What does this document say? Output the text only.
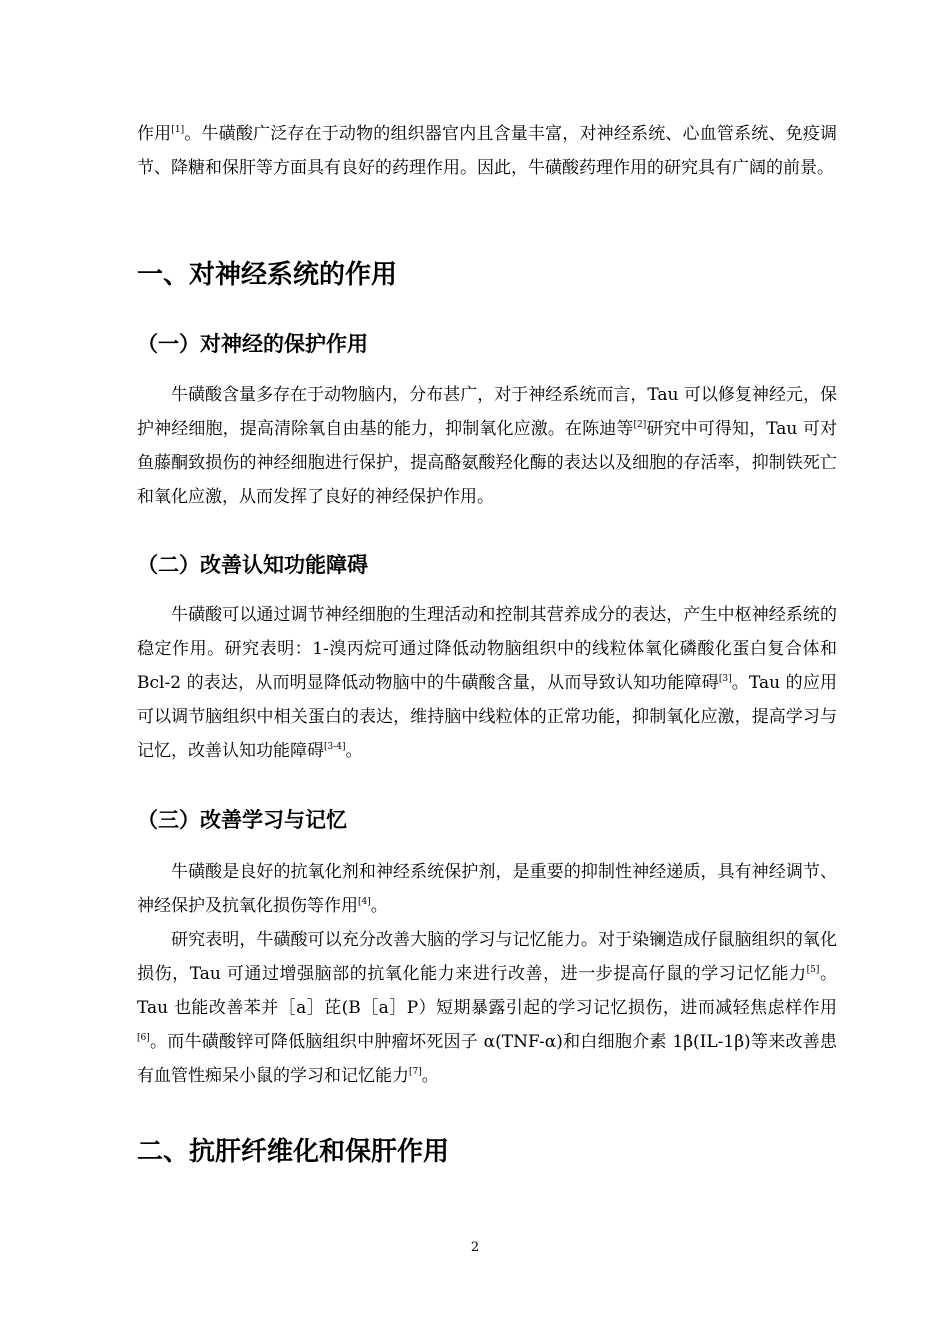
作用[1]。牛磺酸广泛存在于动物的组织器官内且含量丰富，对神经系统、心血管系统、免疫调节、降糖和保肝等方面具有良好的药理作用。因此，牛磺酸药理作用的研究具有广阔的前景。

一、对神经系统的作用
（一）对神经的保护作用

牛磺酸含量多存在于动物脑内，分布甚广，对于神经系统而言，Tau 可以修复神经元，保护神经细胞，提高清除氧自由基的能力，抑制氧化应激。在陈迪等[2]研究中可得知，Tau 可对鱼藤酮致损伤的神经细胞进行保护，提高酪氨酸羟化酶的表达以及细胞的存活率，抑制铁死亡和氧化应激，从而发挥了良好的神经保护作用。

（二）改善认知功能障碍

牛磺酸可以通过调节神经细胞的生理活动和控制其营养成分的表达，产生中枢神经系统的稳定作用。研究表明：1-溴丙烷可通过降低动物脑组织中的线粒体氧化磷酸化蛋白复合体和 Bcl-2 的表达，从而明显降低动物脑中的牛磺酸含量，从而导致认知功能障碍[3]。Tau 的应用可以调节脑组织中相关蛋白的表达，维持脑中线粒体的正常功能，抑制氧化应激，提高学习与记忆，改善认知功能障碍[3-4]。

（三）改善学习与记忆

牛磺酸是良好的抗氧化剂和神经系统保护剂，是重要的抑制性神经递质，具有神经调节、神经保护及抗氧化损伤等作用[4]。

研究表明，牛磺酸可以充分改善大脑的学习与记忆能力。对于染镧造成仔鼠脑组织的氧化损伤，Tau 可通过增强脑部的抗氧化能力来进行改善，进一步提高仔鼠的学习记忆能力[5]。Tau 也能改善苯并［a］芘(B［a］P）短期暴露引起的学习记忆损伤，进而减轻焦虑样作用[6]。而牛磺酸锌可降低脑组织中肿瘤坏死因子 α(TNF-α)和白细胞介素 1β(IL-1β)等来改善患有血管性痴呆小鼠的学习和记忆能力[7]。

二、抗肝纤维化和保肝作用
2
